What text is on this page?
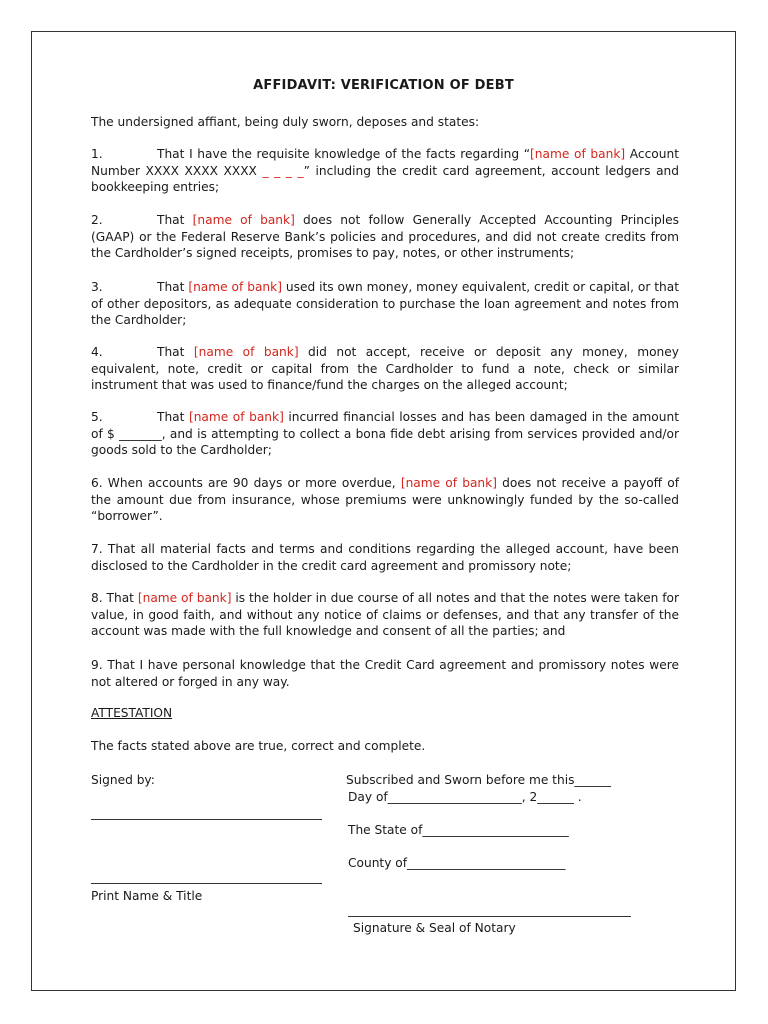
AFFIDAVIT: VERIFICATION OF DEBT
The undersigned affiant, being duly sworn, deposes and states:
1.	That I have the requisite knowledge of the facts regarding “[name of bank] Account Number XXXX XXXX XXXX _ _ _ _” including the credit card agreement, account ledgers and bookkeeping entries;
2.	That [name of bank] does not follow Generally Accepted Accounting Principles (GAAP) or the Federal Reserve Bank’s policies and procedures, and did not create credits from the Cardholder’s signed receipts, promises to pay, notes, or other instruments;
3.	That [name of bank] used its own money, money equivalent, credit or capital, or that of other depositors, as adequate consideration to purchase the loan agreement and notes from the Cardholder;
4.	That [name of bank] did not accept, receive or deposit any money, money equivalent, note, credit or capital from the Cardholder to fund a note, check or similar instrument that was used to finance/fund the charges on the alleged account;
5.	That [name of bank] incurred financial losses and has been damaged in the amount of $ _______, and is attempting to collect a bona fide debt arising from services provided and/or goods sold to the Cardholder;
6. When accounts are 90 days or more overdue, [name of bank] does not receive a payoff of the amount due from insurance, whose premiums were unknowingly funded by the so-called “borrower”.
7. That all material facts and terms and conditions regarding the alleged account, have been disclosed to the Cardholder in the credit card agreement and promissory note;
8. That [name of bank] is the holder in due course of all notes and that the notes were taken for value, in good faith, and without any notice of claims or defenses, and that any transfer of the account was made with the full knowledge and consent of all the parties; and
9. That I have personal knowledge that the Credit Card agreement and promissory notes were not altered or forged in any way.
ATTESTATION
The facts stated above are true, correct and complete.
Signed by:
Print Name & Title
Subscribed and Sworn before me this______
Day of______________________, 2______ .
The State of________________________
County of__________________________
Signature & Seal of Notary
